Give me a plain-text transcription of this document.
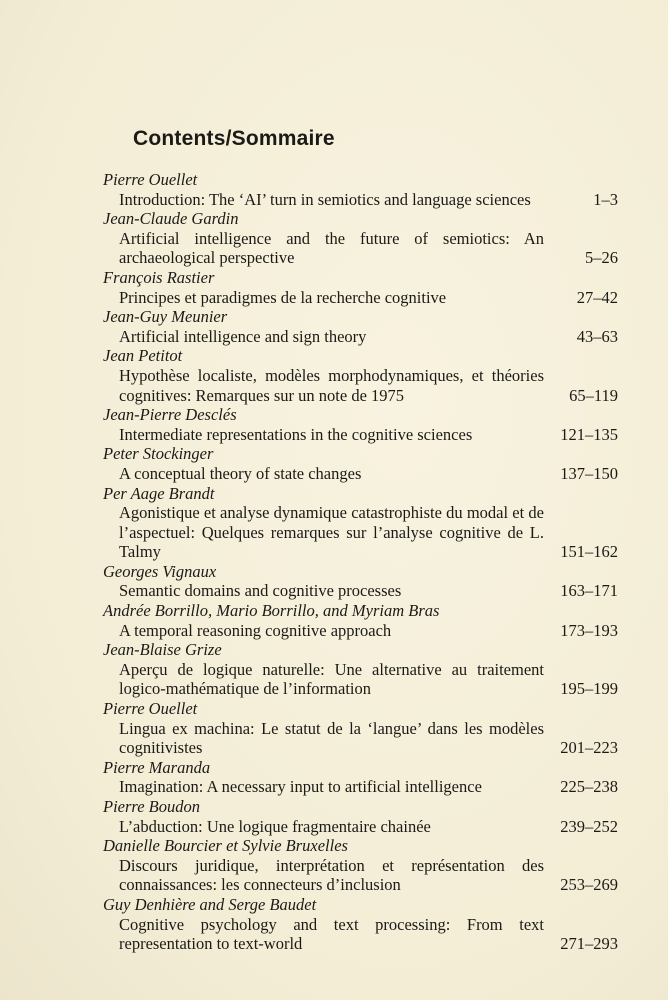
Contents/Sommaire
Pierre Ouellet
Introduction: The ‘AI’ turn in semiotics and language sciences	1–3
Jean-Claude Gardin
Artificial intelligence and the future of semiotics: An archaeological perspective	5–26
François Rastier
Principes et paradigmes de la recherche cognitive	27–42
Jean-Guy Meunier
Artificial intelligence and sign theory	43–63
Jean Petitot
Hypothèse localiste, modèles morphodynamiques, et théories cognitives: Remarques sur un note de 1975	65–119
Jean-Pierre Desclés
Intermediate representations in the cognitive sciences	121–135
Peter Stockinger
A conceptual theory of state changes	137–150
Per Aage Brandt
Agonistique et analyse dynamique catastrophiste du modal et de l’aspectuel: Quelques remarques sur l’analyse cognitive de L. Talmy	151–162
Georges Vignaux
Semantic domains and cognitive processes	163–171
Andrée Borrillo, Mario Borrillo, and Myriam Bras
A temporal reasoning cognitive approach	173–193
Jean-Blaise Grize
Aperçu de logique naturelle: Une alternative au traitement logico-mathématique de l’information	195–199
Pierre Ouellet
Lingua ex machina: Le statut de la ‘langue’ dans les modèles cognitivistes	201–223
Pierre Maranda
Imagination: A necessary input to artificial intelligence	225–238
Pierre Boudon
L’abduction: Une logique fragmentaire chainée	239–252
Danielle Bourcier et Sylvie Bruxelles
Discours juridique, interprétation et représentation des connaissances: les connecteurs d’inclusion	253–269
Guy Denhière and Serge Baudet
Cognitive psychology and text processing: From text representation to text-world	271–293
